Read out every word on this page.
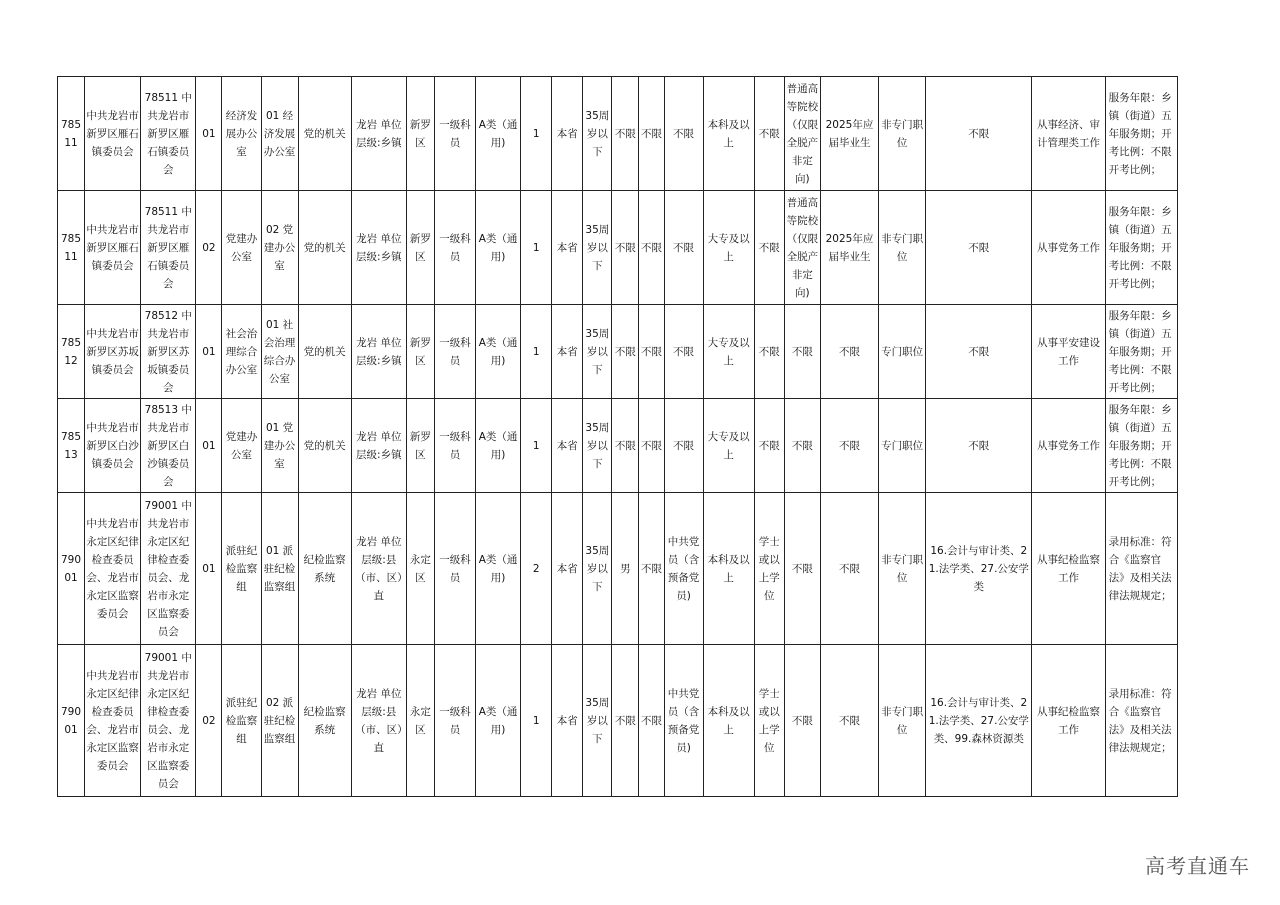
78511	中共龙岩市新罗区雁石镇委员会	78511 中共龙岩市新罗区雁石镇委员会	01	经济发展办公室	01 经济发展办公室	党的机关	龙岩 单位层级:乡镇	新罗区	一级科员	A类（通用)	1	本省	35周岁以下	不限	不限	不限	本科及以上	不限	普通高等院校（仅限全脱产非定向)	2025年应届毕业生	非专门职位	不限	从事经济、审计管理类工作	服务年限：乡镇（街道）五年服务期；开考比例：不限开考比例；
78511	中共龙岩市新罗区雁石镇委员会	78511 中共龙岩市新罗区雁石镇委员会	02	党建办公室	02 党建办公室	党的机关	龙岩 单位层级:乡镇	新罗区	一级科员	A类（通用)	1	本省	35周岁以下	不限	不限	不限	大专及以上	不限	普通高等院校（仅限全脱产非定向)	2025年应届毕业生	非专门职位	不限	从事党务工作	服务年限：乡镇（街道）五年服务期；开考比例：不限开考比例；
78512	中共龙岩市新罗区苏坂镇委员会	78512 中共龙岩市新罗区苏坂镇委员会	01	社会治理综合办公室	01 社会治理综合办公室	党的机关	龙岩 单位层级:乡镇	新罗区	一级科员	A类（通用)	1	本省	35周岁以下	不限	不限	不限	大专及以上	不限	不限	不限	专门职位	不限	从事平安建设工作	服务年限：乡镇（街道）五年服务期；开考比例：不限开考比例；
78513	中共龙岩市新罗区白沙镇委员会	78513 中共龙岩市新罗区白沙镇委员会	01	党建办公室	01 党建办公室	党的机关	龙岩 单位层级:乡镇	新罗区	一级科员	A类（通用)	1	本省	35周岁以下	不限	不限	不限	大专及以上	不限	不限	不限	专门职位	不限	从事党务工作	服务年限：乡镇（街道）五年服务期；开考比例：不限开考比例；
79001	中共龙岩市永定区纪律检查委员会、龙岩市永定区监察委员会	79001 中共龙岩市永定区纪律检查委员会、龙岩市永定区监察委员会	01	派驻纪检监察组	01 派驻纪检监察组	纪检监察系统	龙岩 单位层级:县（市、区）直	永定区	一级科员	A类（通用)	2	本省	35周岁以下	男	不限	中共党员（含预备党员)	本科及以上	学士或以上学位	不限	不限	非专门职位	16.会计与审计类、21.法学类、27.公安学类	从事纪检监察工作	录用标准：符合《监察官法》及相关法律法规规定；
79001	中共龙岩市永定区纪律检查委员会、龙岩市永定区监察委员会	79001 中共龙岩市永定区纪律检查委员会、龙岩市永定区监察委员会	02	派驻纪检监察组	02 派驻纪检监察组	纪检监察系统	龙岩 单位层级:县（市、区）直	永定区	一级科员	A类（通用)	1	本省	35周岁以下	不限	不限	中共党员（含预备党员)	本科及以上	学士或以上学位	不限	不限	非专门职位	16.会计与审计类、21.法学类、27.公安学类、99.森林资源类	从事纪检监察工作	录用标准：符合《监察官法》及相关法律法规规定；
高考直通车
